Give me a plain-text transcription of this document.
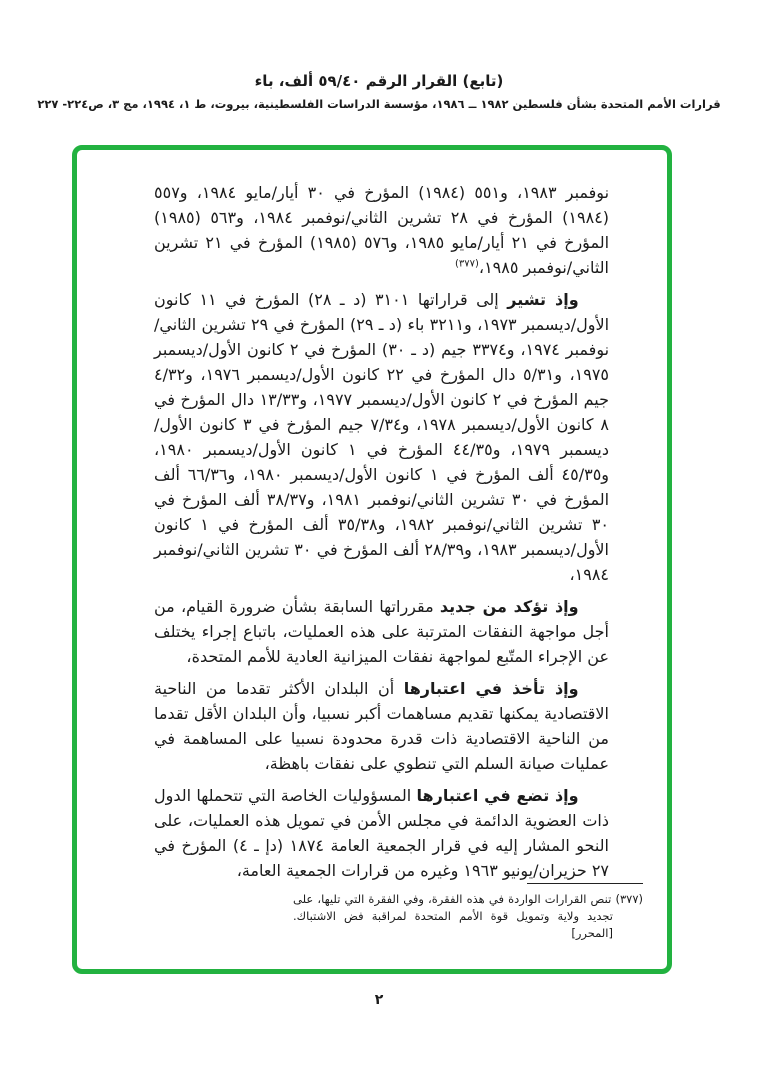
(تابع) القرار الرقم ٥٩/٤٠ ألف، باء
قرارات الأمم المتحدة بشأن فلسطين ١٩٨٢ ــ ١٩٨٦، مؤسسة الدراسات الفلسطينية، بيروت، ط ١، ١٩٩٤، مج ٣، ص٢٢٤- ٢٢٧

نوفمبر ١٩٨٣، و٥٥١ (١٩٨٤) المؤرخ في ٣٠ أيار/مايو ١٩٨٤، و٥٥٧ (١٩٨٤) المؤرخ في ٢٨ تشرين الثاني/نوفمبر ١٩٨٤، و٥٦٣ (١٩٨٥) المؤرخ في ٢١ أيار/مايو ١٩٨٥، و٥٧٦ (١٩٨٥) المؤرخ في ٢١ تشرين الثاني/نوفمبر ١٩٨٥،$^{(٣٧٧)}$

وإذ تشير إلى قراراتها ٣١٠١ (د ـ ٢٨) المؤرخ في ١١ كانون الأول/ديسمبر ١٩٧٣، و٣٢١١ باء (د ـ ٢٩) المؤرخ في ٢٩ تشرين الثاني/نوفمبر ١٩٧٤، و٣٣٧٤ جيم (د ـ ٣٠) المؤرخ في ٢ كانون الأول/ديسمبر ١٩٧٥، و٥/٣١ دال المؤرخ في ٢٢ كانون الأول/ديسمبر ١٩٧٦، و٤/٣٢ جيم المؤرخ في ٢ كانون الأول/ديسمبر ١٩٧٧، و١٣/٣٣ دال المؤرخ في ٨ كانون الأول/ديسمبر ١٩٧٨، و٧/٣٤ جيم المؤرخ في ٣ كانون الأول/ديسمبر ١٩٧٩، و٤٤/٣٥ المؤرخ في ١ كانون الأول/ديسمبر ١٩٨٠، و٤٥/٣٥ ألف المؤرخ في ١ كانون الأول/ديسمبر ١٩٨٠، و٦٦/٣٦ ألف المؤرخ في ٣٠ تشرين الثاني/نوفمبر ١٩٨١، و٣٨/٣٧ ألف المؤرخ في ٣٠ تشرين الثاني/نوفمبر ١٩٨٢، و٣٥/٣٨ ألف المؤرخ في ١ كانون الأول/ديسمبر ١٩٨٣، و٢٨/٣٩ ألف المؤرخ في ٣٠ تشرين الثاني/نوفمبر ١٩٨٤،

وإذ تؤكد من جديد مقرراتها السابقة بشأن ضرورة القيام، من أجل مواجهة النفقات المترتبة على هذه العمليات، باتباع إجراء يختلف عن الإجراء المتّبع لمواجهة نفقات الميزانية العادية للأمم المتحدة،

وإذ تأخذ في اعتبارها أن البلدان الأكثر تقدما من الناحية الاقتصادية يمكنها تقديم مساهمات أكبر نسبيا، وأن البلدان الأقل تقدما من الناحية الاقتصادية ذات قدرة محدودة نسبيا على المساهمة في عمليات صيانة السلم التي تنطوي على نفقات باهظة،

وإذ تضع في اعتبارها المسؤوليات الخاصة التي تتحملها الدول ذات العضوية الدائمة في مجلس الأمن في تمويل هذه العمليات، على النحو المشار إليه في قرار الجمعية العامة ١٨٧٤ (دإ ـ ٤) المؤرخ في ٢٧ حزيران/يونيو ١٩٦٣ وغيره من قرارات الجمعية العامة،

(٣٧٧) تنص القرارات الواردة في هذه الفقرة، وفي الفقرة التي تليها، على تجديد ولاية وتمويل قوة الأمم المتحدة لمراقبة فض الاشتباك. [المحرر]
٢
